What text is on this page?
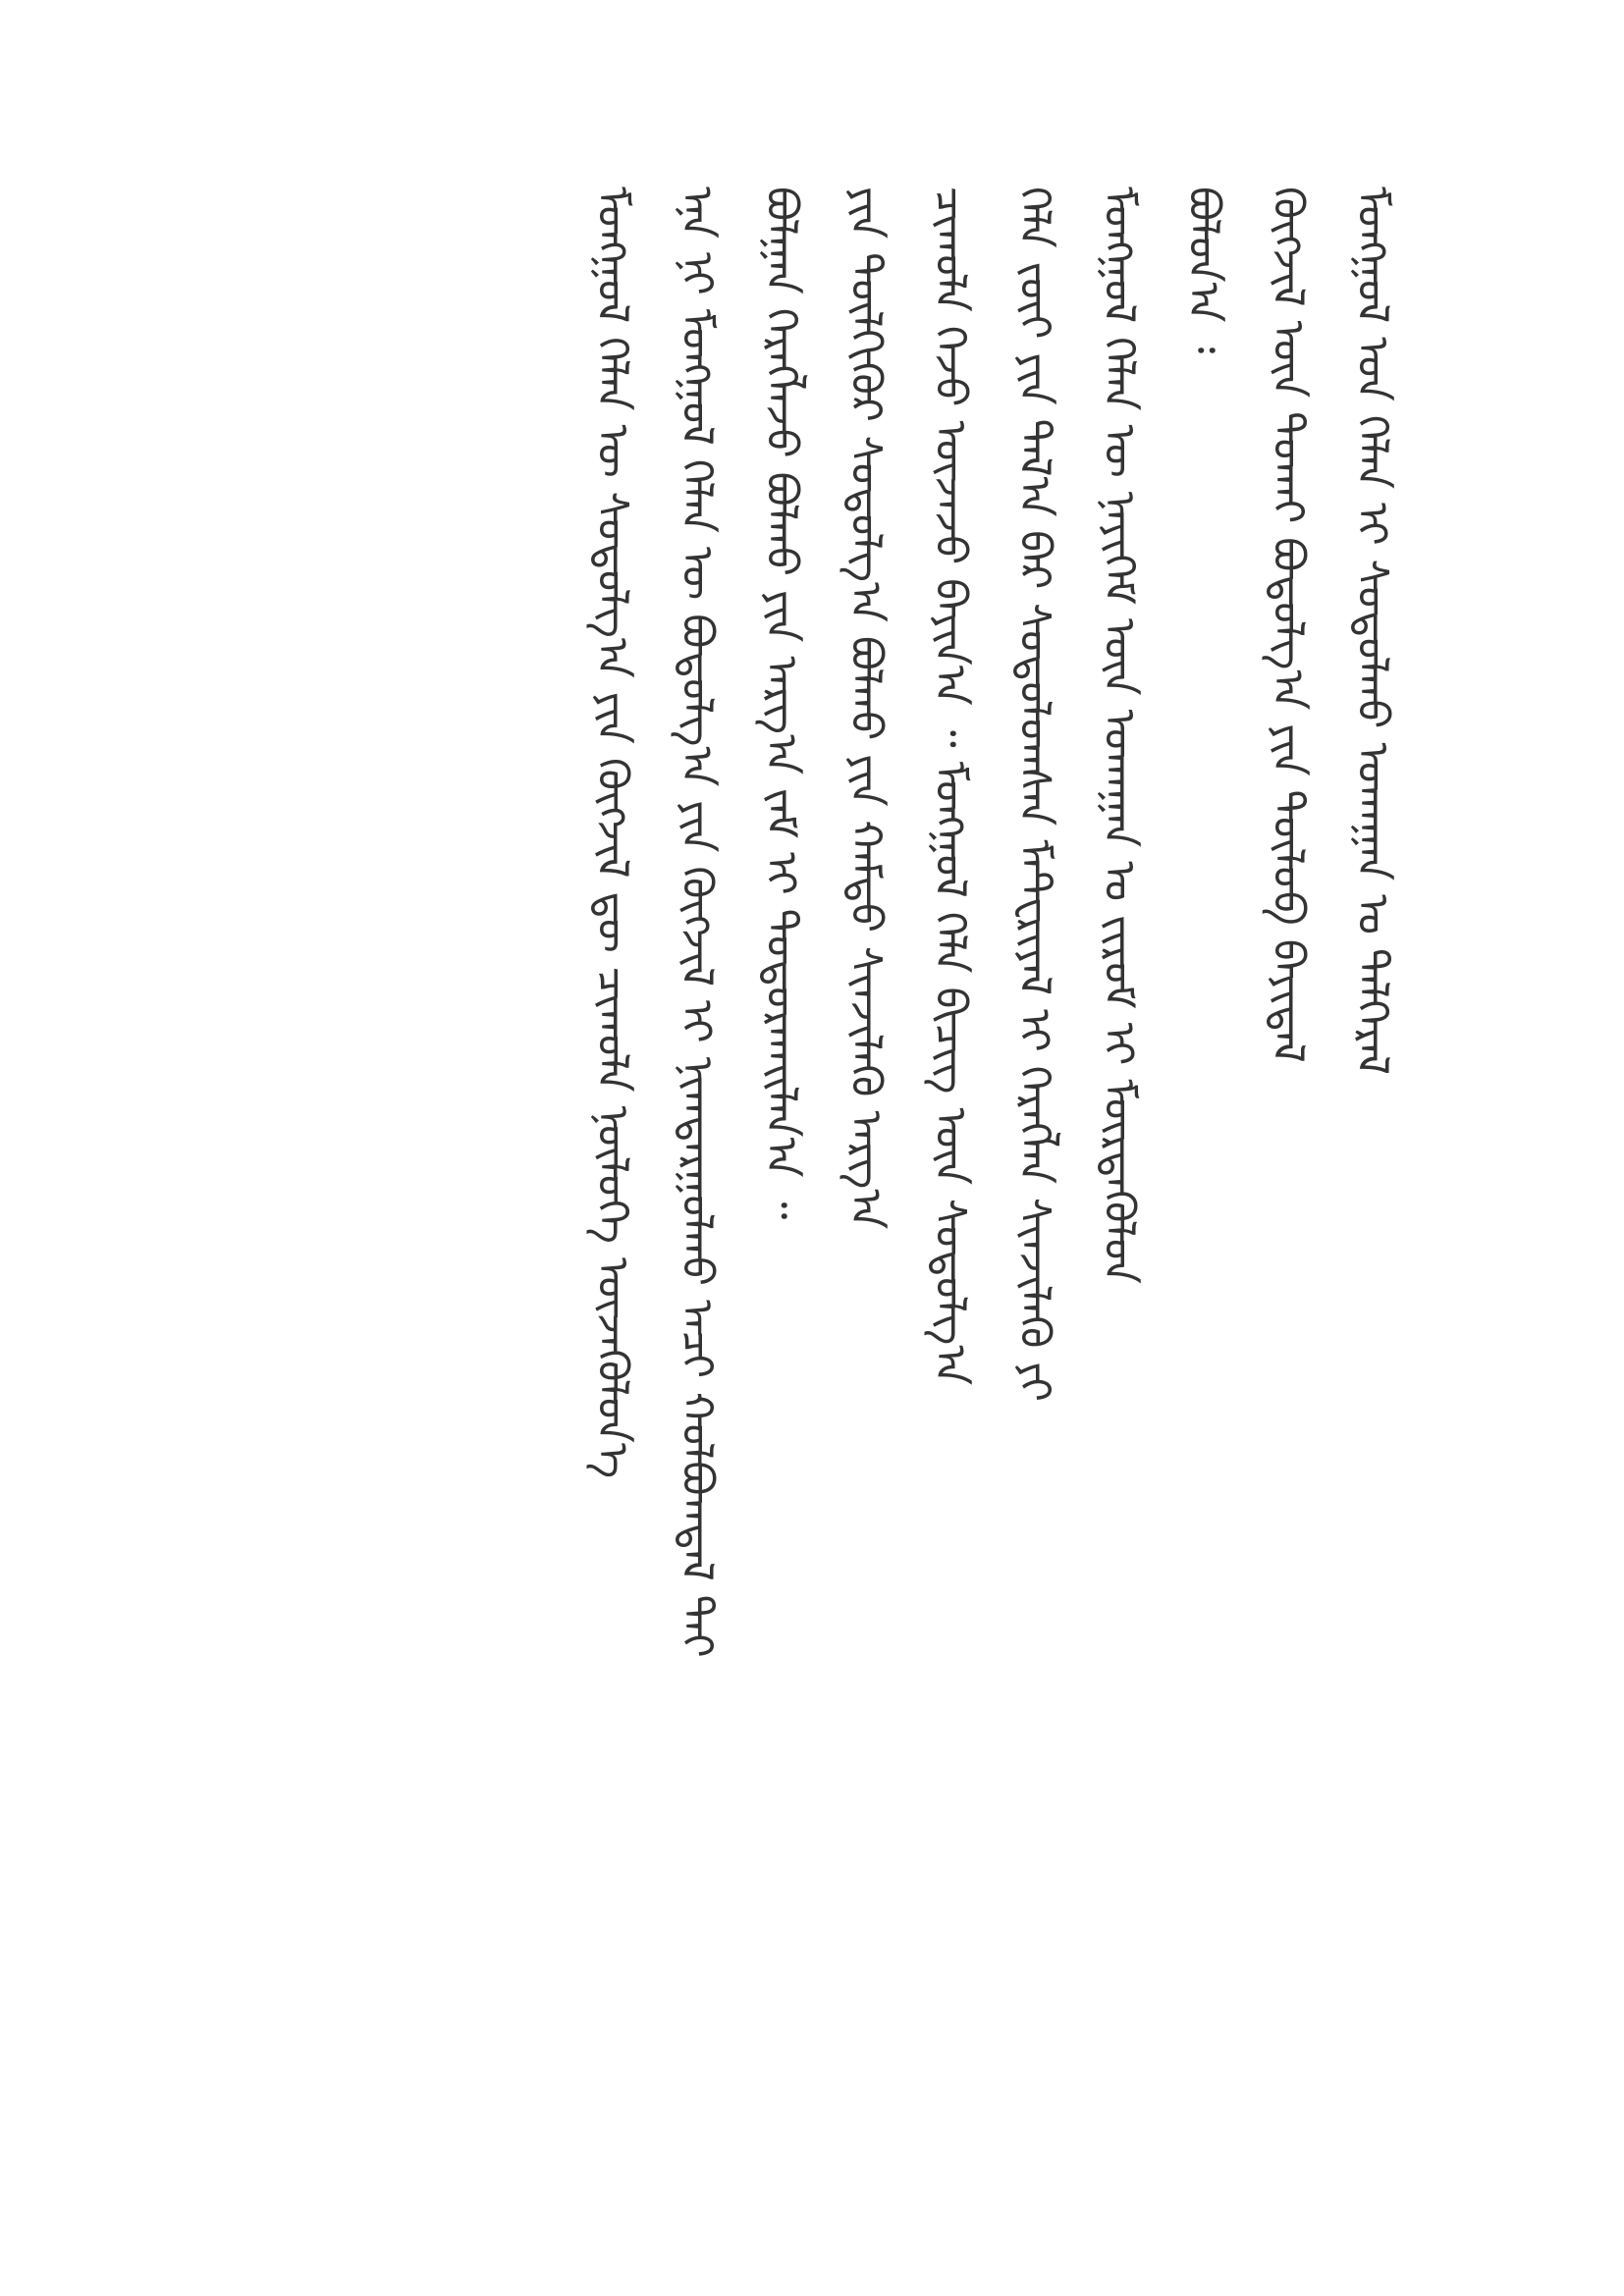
ᠮᠣᠩᠭᠣᠯ ᠤᠨ ᠬᠡᠯᠡᠨ ᠢ ᠰᠤᠳᠤᠯᠬᠤ ᠤᠬᠠᠭᠠᠨ ᠤ ᠳᠡᠯᠭᠡᠷᠡᠯ
ᠬᠦᠭᠵᠢᠯ ᠦᠨ ᠲᠤᠬᠠᠢ ᠪᠣᠳᠣᠯᠭ᠎ᠠ ᠶᠢᠨ ᠲᠥᠯᠦᠪ ᠪᠠᠶᠢᠳᠠᠯ
ᠪᠣᠯᠣᠨ᠎ᠠ ᠄
ᠮᠣᠩᠭᠣᠯ ᠬᠡᠯᠡᠨ ᠦ ᠨᠡᠶᠢᠭᠡᠮ ᠦᠨ ᠤᠬᠠᠭᠠᠨ ᠤ ᠵᠢᠷᠤᠮ ᠢ ᠮᠦᠷᠳᠡᠭᠦᠯᠦᠨ
ᠬᠡᠯᠡ ᠵᠦᠢ ᠶᠢᠨ ᠲᠠᠯ᠎ᠠ ᠪᠠᠷ ᠰᠤᠳᠤᠯᠤᠭᠰᠠᠨ ᠮᠠᠲ᠋ᠧᠷᠢᠶᠠᠯ ᠢ ᠬᠡᠷᠡᠭᠯᠡᠨ ᠰᠢᠨᠵᠢᠯᠡᠬᠦ ᠶᠢ
ᠴᠢᠬᠤᠯᠠ ᠭᠡᠵᠦ ᠦᠵᠡᠵᠦ ᠪᠠᠶᠢᠨ᠎ᠠ ᠃ ᠮᠣᠩᠭᠣᠯ ᠬᠡᠯᠡ ᠪᠢᠴᠢᠭ᠌ ᠦᠨ ᠰᠤᠳᠤᠯᠭ᠎ᠠ
ᠶᠢᠨ ᠲᠦᠯᠬᠢᠭᠦᠷ ᠰᠤᠳᠤᠯᠭ᠎ᠠ ᠪᠣᠯᠬᠤ ᠶᠢᠨ ᠬᠠᠮᠲᠤ ᠰᠢᠨᠵᠢᠯᠡᠬᠦ ᠠᠷᠭ᠎ᠠ
ᠪᠣᠯᠭᠠᠨ ᠬᠡᠷᠡᠭᠯᠡᠵᠦ ᠪᠣᠯᠬᠤ ᠶᠢᠨ ᠠᠷᠭ᠎ᠠ ᠵᠠᠮ ᠢ ᠲᠣᠳᠣᠷᠬᠠᠢᠯᠠᠨ᠎ᠠ ᠃
ᠡᠨᠡ ᠨᠢ ᠮᠣᠩᠭᠣᠯ ᠬᠡᠯᠡᠨ ᠦ ᠪᠣᠳᠣᠯᠭ᠎ᠠ ᠶᠢᠨ ᠬᠥᠭᠵᠢᠯ ᠢ ᠨᠢᠭᠲᠠᠷᠭᠤᠯᠬᠤ ᠠᠴᠢ ᠬᠣᠯᠪᠣᠭᠳᠠᠯ ᠲᠠᠢ
ᠮᠣᠩᠭᠣᠯ ᠬᠡᠯᠡᠨ ᠦ ᠰᠤᠳᠤᠯᠭ᠎ᠠ ᠶᠢᠨ ᠬᠥᠭᠵᠢᠯ ᠳᠦ ᠴᠢᠬᠤᠯᠠ ᠨᠥᠯᠦᠭᠡ ᠦᠵᠡᠭᠦᠯᠦᠨ᠎ᠡ
